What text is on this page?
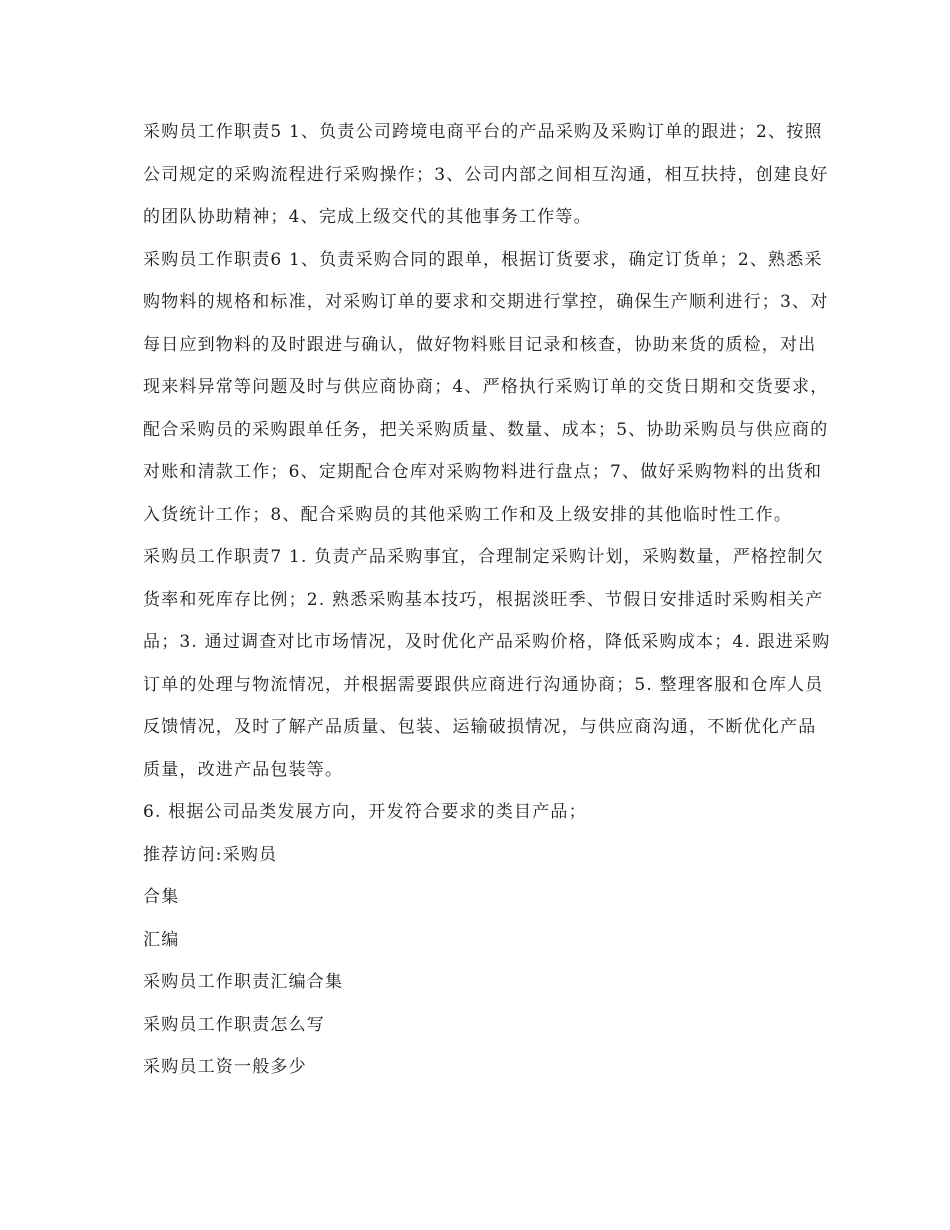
采购员工作职责5 1、负责公司跨境电商平台的产品采购及采购订单的跟进；2、按照公司规定的采购流程进行采购操作；3、公司内部之间相互沟通，相互扶持，创建良好的团队协助精神；4、完成上级交代的其他事务工作等。

采购员工作职责6 1、负责采购合同的跟单，根据订货要求，确定订货单；2、熟悉采购物料的规格和标准，对采购订单的要求和交期进行掌控，确保生产顺利进行；3、对每日应到物料的及时跟进与确认，做好物料账目记录和核查，协助来货的质检，对出现来料异常等问题及时与供应商协商；4、严格执行采购订单的交货日期和交货要求，配合采购员的采购跟单任务，把关采购质量、数量、成本；5、协助采购员与供应商的对账和清款工作；6、定期配合仓库对采购物料进行盘点；7、做好采购物料的出货和入货统计工作；8、配合采购员的其他采购工作和及上级安排的其他临时性工作。

采购员工作职责7 1. 负责产品采购事宜，合理制定采购计划，采购数量，严格控制欠货率和死库存比例；2. 熟悉采购基本技巧，根据淡旺季、节假日安排适时采购相关产品；3. 通过调查对比市场情况，及时优化产品采购价格，降低采购成本；4. 跟进采购订单的处理与物流情况，并根据需要跟供应商进行沟通协商；5. 整理客服和仓库人员反馈情况，及时了解产品质量、包装、运输破损情况，与供应商沟通，不断优化产品质量，改进产品包装等。

6. 根据公司品类发展方向，开发符合要求的类目产品；

推荐访问:采购员

合集

汇编

采购员工作职责汇编合集

采购员工作职责怎么写

采购员工资一般多少
